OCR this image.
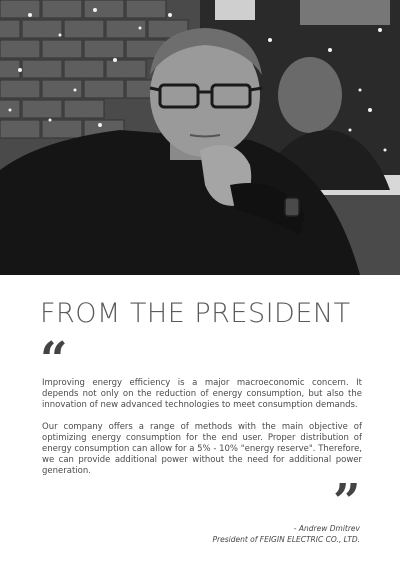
FROM THE PRESIDENT
“

Improving energy efficiency is a major macroeconomic concern. It depends not only on the reduction of energy consumption, but also the innovation of new advanced technologies to meet consumption demands.

Our company offers a range of methods with the main objective of optimizing energy consumption for the end user. Proper distribution of energy consumption can allow for a 5% - 10% "energy reserve". Therefore, we can provide additional power without the need for additional power generation.

”
- Andrew Dmitrev
President of FEIGIN ELECTRIC CO., LTD.
